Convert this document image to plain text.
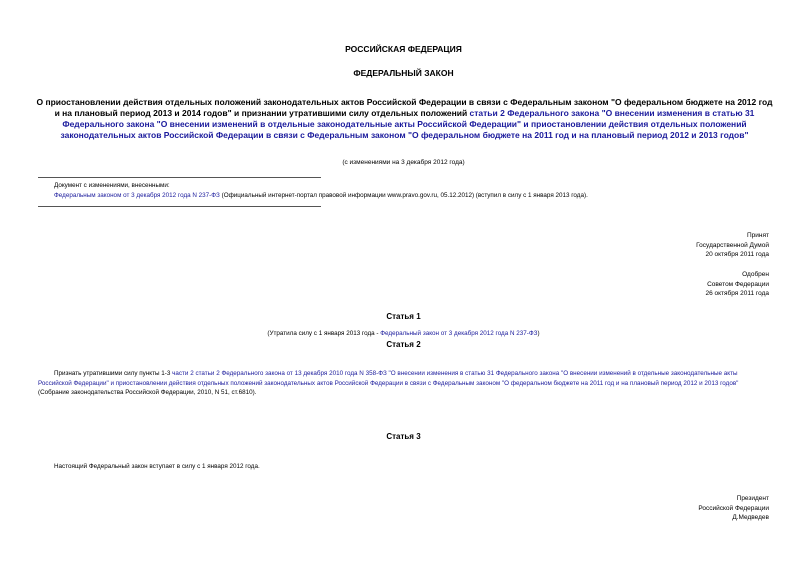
РОССИЙСКАЯ ФЕДЕРАЦИЯ
ФЕДЕРАЛЬНЫЙ ЗАКОН
О приостановлении действия отдельных положений законодательных актов Российской Федерации в связи с Федеральным законом "О федеральном бюджете на 2012 год и на плановый период 2013 и 2014 годов" и признании утратившими силу отдельных положений статьи 2 Федерального закона "О внесении изменения в статью 31 Федерального закона "О внесении изменений в отдельные законодательные акты Российской Федерации" и приостановлении действия отдельных положений законодательных актов Российской Федерации в связи с Федеральным законом "О федеральном бюджете на 2011 год и на плановый период 2012 и 2013 годов"
(с изменениями на 3 декабря 2012 года)
Документ с изменениями, внесенными:
Федеральным законом от 3 декабря 2012 года N 237-ФЗ (Официальный интернет-портал правовой информации www.pravo.gov.ru, 05.12.2012) (вступил в силу с 1 января 2013 года).
Принят
Государственной Думой
20 октября 2011 года
Одобрен
Советом Федерации
26 октября 2011 года
Статья 1
(Утратила силу с 1 января 2013 года - Федеральный закон от 3 декабря 2012 года N 237-ФЗ)
Статья 2
Признать утратившими силу пункты 1-3 части 2 статьи 2 Федерального закона от 13 декабря 2010 года N 358-ФЗ "О внесении изменения в статью 31 Федерального закона "О внесении изменений в отдельные законодательные акты Российской Федерации" и приостановлении действия отдельных положений законодательных актов Российской Федерации в связи с Федеральным законом "О федеральном бюджете на 2011 год и на плановый период 2012 и 2013 годов" (Собрание законодательства Российской Федерации, 2010, N 51, ст.6810).
Статья 3
Настоящий Федеральный закон вступает в силу с 1 января 2012 года.
Президент
Российской Федерации
Д.Медведев
